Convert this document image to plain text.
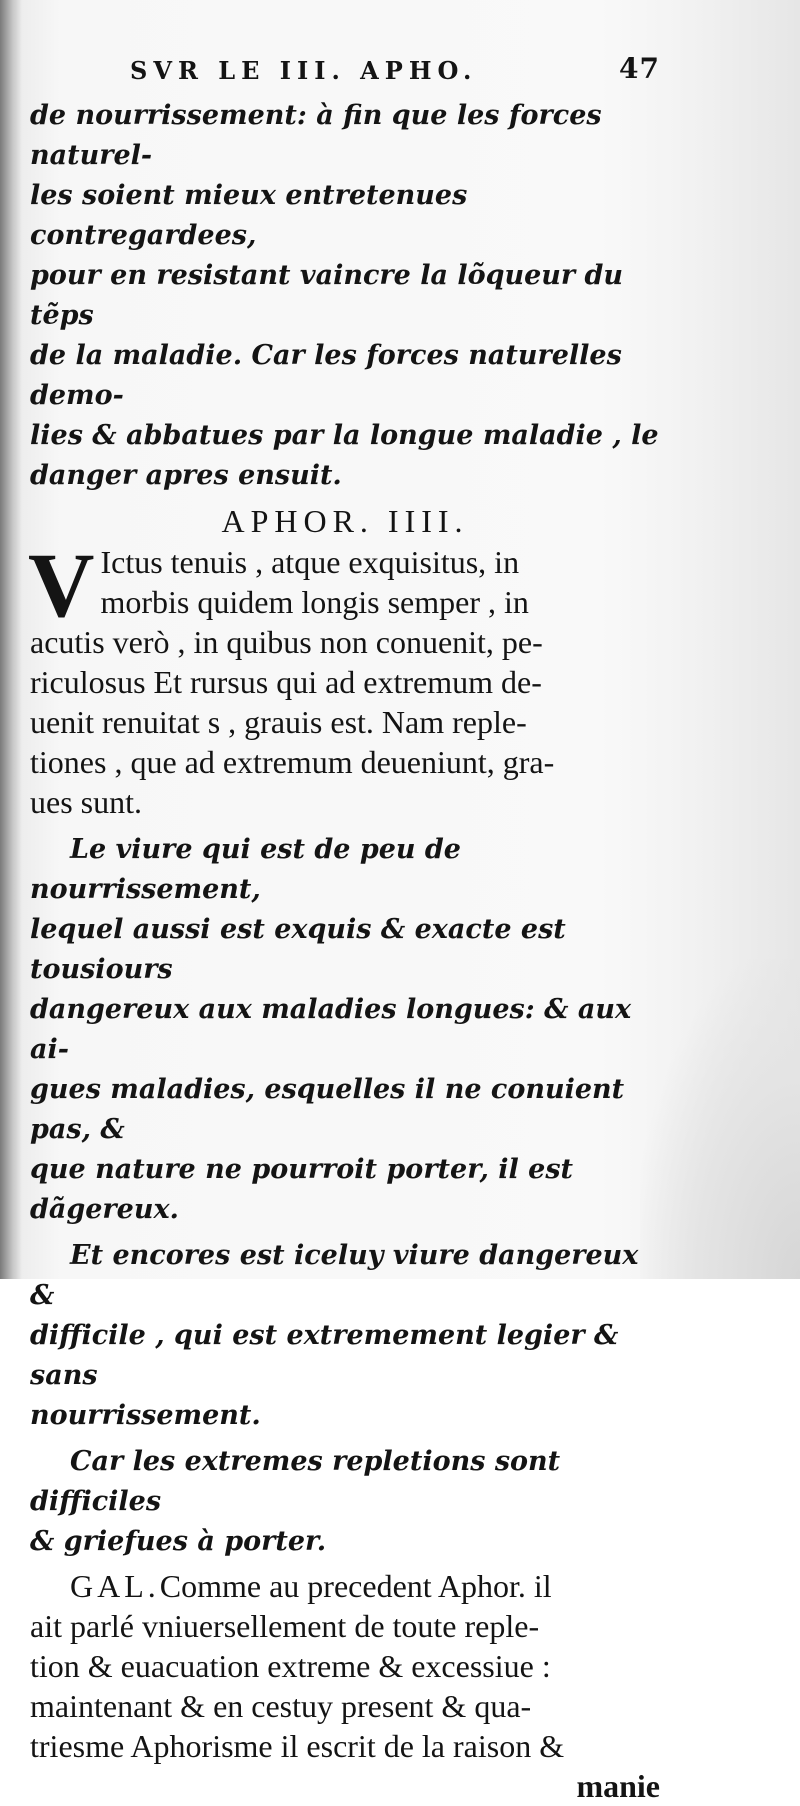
SVR LE III. APHO.	47

de nourrissement: à fin que les forces naturel-

les soient mieux entretenues contregardees,

pour en resistant vaincre la lõqueur du tẽps

de la maladie. Car les forces naturelles demo-

lies & abbatues par la longue maladie , le

danger apres ensuit.

APHOR. IIII.
V Ictus tenuis , atque exquisitus, in

morbis quidem longis semper , in

acutis verò , in quibus non conuenit, pe-

riculosus Et rursus qui ad extremum de-

uenit renuitat s , grauis est. Nam reple-

tiones , que ad extremum deueniunt, gra-

ues sunt.

Le viure qui est de peu de nourrissement,

lequel aussi est exquis & exacte est tousiours

dangereux aux maladies longues: & aux ai-

gues maladies, esquelles il ne conuient pas, &

que nature ne pourroit porter, il est dãgereux.

Et encores est iceluy viure dangereux &

difficile , qui est extremement legier & sans

nourrissement.

Car les extremes repletions sont difficiles

& griefues à porter.

GAL.Comme au precedent Aphor. il

ait parlé vniuersellement de toute reple-

tion & euacuation extreme & excessiue :

maintenant & en cestuy present & qua-

triesme Aphorisme il escrit de la raison &

manie
